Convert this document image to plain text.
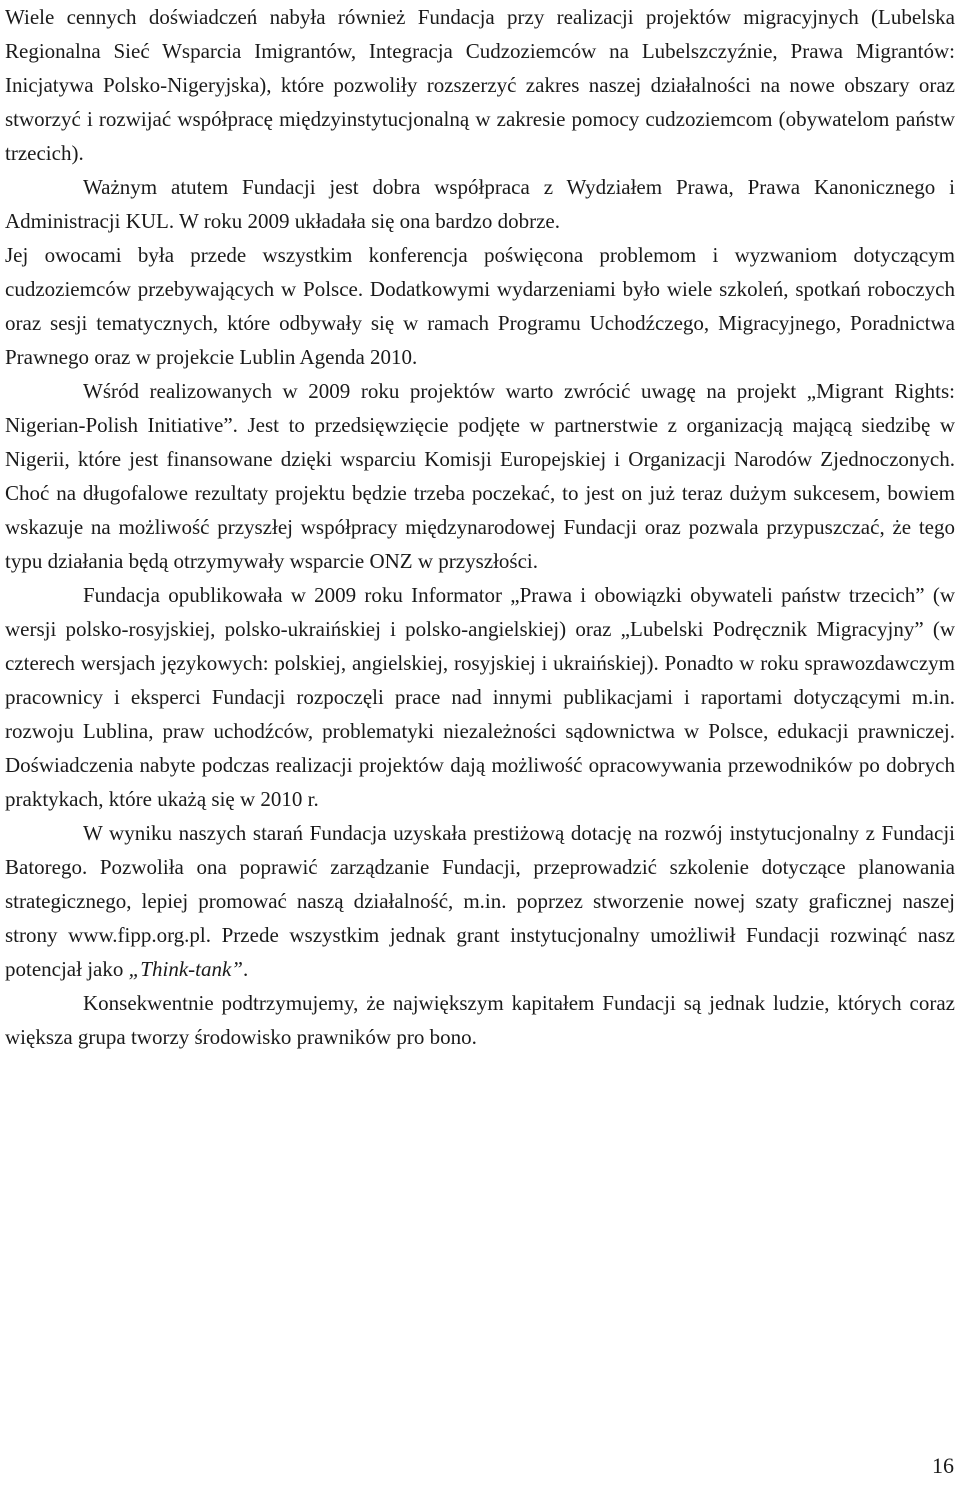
Wiele cennych doświadczeń nabyła również Fundacja przy realizacji projektów migracyjnych (Lubelska Regionalna Sieć Wsparcia Imigrantów, Integracja Cudzoziemców na Lubelszczyźnie, Prawa Migrantów: Inicjatywa Polsko-Nigeryjska), które pozwoliły rozszerzyć zakres naszej działalności na nowe obszary oraz stworzyć i rozwijać współpracę międzyinstytucjonalną w zakresie pomocy cudzoziemcom (obywatelom państw trzecich).

Ważnym atutem Fundacji jest dobra współpraca z Wydziałem Prawa, Prawa Kanonicznego i Administracji KUL. W roku 2009 układała się ona bardzo dobrze.

Jej owocami była przede wszystkim konferencja poświęcona problemom i wyzwaniom dotyczącym cudzoziemców przebywających w Polsce. Dodatkowymi wydarzeniami było wiele szkoleń, spotkań roboczych oraz sesji tematycznych, które odbywały się w ramach Programu Uchodźczego, Migracyjnego, Poradnictwa Prawnego oraz w projekcie Lublin Agenda 2010.

Wśród realizowanych w 2009 roku projektów warto zwrócić uwagę na projekt „Migrant Rights: Nigerian-Polish Initiative”. Jest to przedsięwzięcie podjęte w partnerstwie z organizacją mającą siedzibę w Nigerii, które jest finansowane dzięki wsparciu Komisji Europejskiej i Organizacji Narodów Zjednoczonych. Choć na długofalowe rezultaty projektu będzie trzeba poczekać, to jest on już teraz dużym sukcesem, bowiem wskazuje na możliwość przyszłej współpracy międzynarodowej Fundacji oraz pozwala przypuszczać, że tego typu działania będą otrzymywały wsparcie ONZ w przyszłości.

Fundacja opublikowała w 2009 roku Informator „Prawa i obowiązki obywateli państw trzecich” (w wersji polsko-rosyjskiej, polsko-ukraińskiej i polsko-angielskiej) oraz „Lubelski Podręcznik Migracyjny” (w czterech wersjach językowych: polskiej, angielskiej, rosyjskiej i ukraińskiej). Ponadto w roku sprawozdawczym pracownicy i eksperci Fundacji rozpoczęli prace nad innymi publikacjami i raportami dotyczącymi m.in. rozwoju Lublina, praw uchodźców, problematyki niezależności sądownictwa w Polsce, edukacji prawniczej. Doświadczenia nabyte podczas realizacji projektów dają możliwość opracowywania przewodników po dobrych praktykach, które ukażą się w 2010 r.

W wyniku naszych starań Fundacja uzyskała prestiżową dotację na rozwój instytucjonalny z Fundacji Batorego. Pozwoliła ona poprawić zarządzanie Fundacji, przeprowadzić szkolenie dotyczące planowania strategicznego, lepiej promować naszą działalność, m.in. poprzez stworzenie nowej szaty graficznej naszej strony www.fipp.org.pl. Przede wszystkim jednak grant instytucjonalny umożliwił Fundacji rozwinąć nasz potencjał jako „Think-tank”.

Konsekwentnie podtrzymujemy, że największym kapitałem Fundacji są jednak ludzie, których coraz większa grupa tworzy środowisko prawników pro bono.

16
